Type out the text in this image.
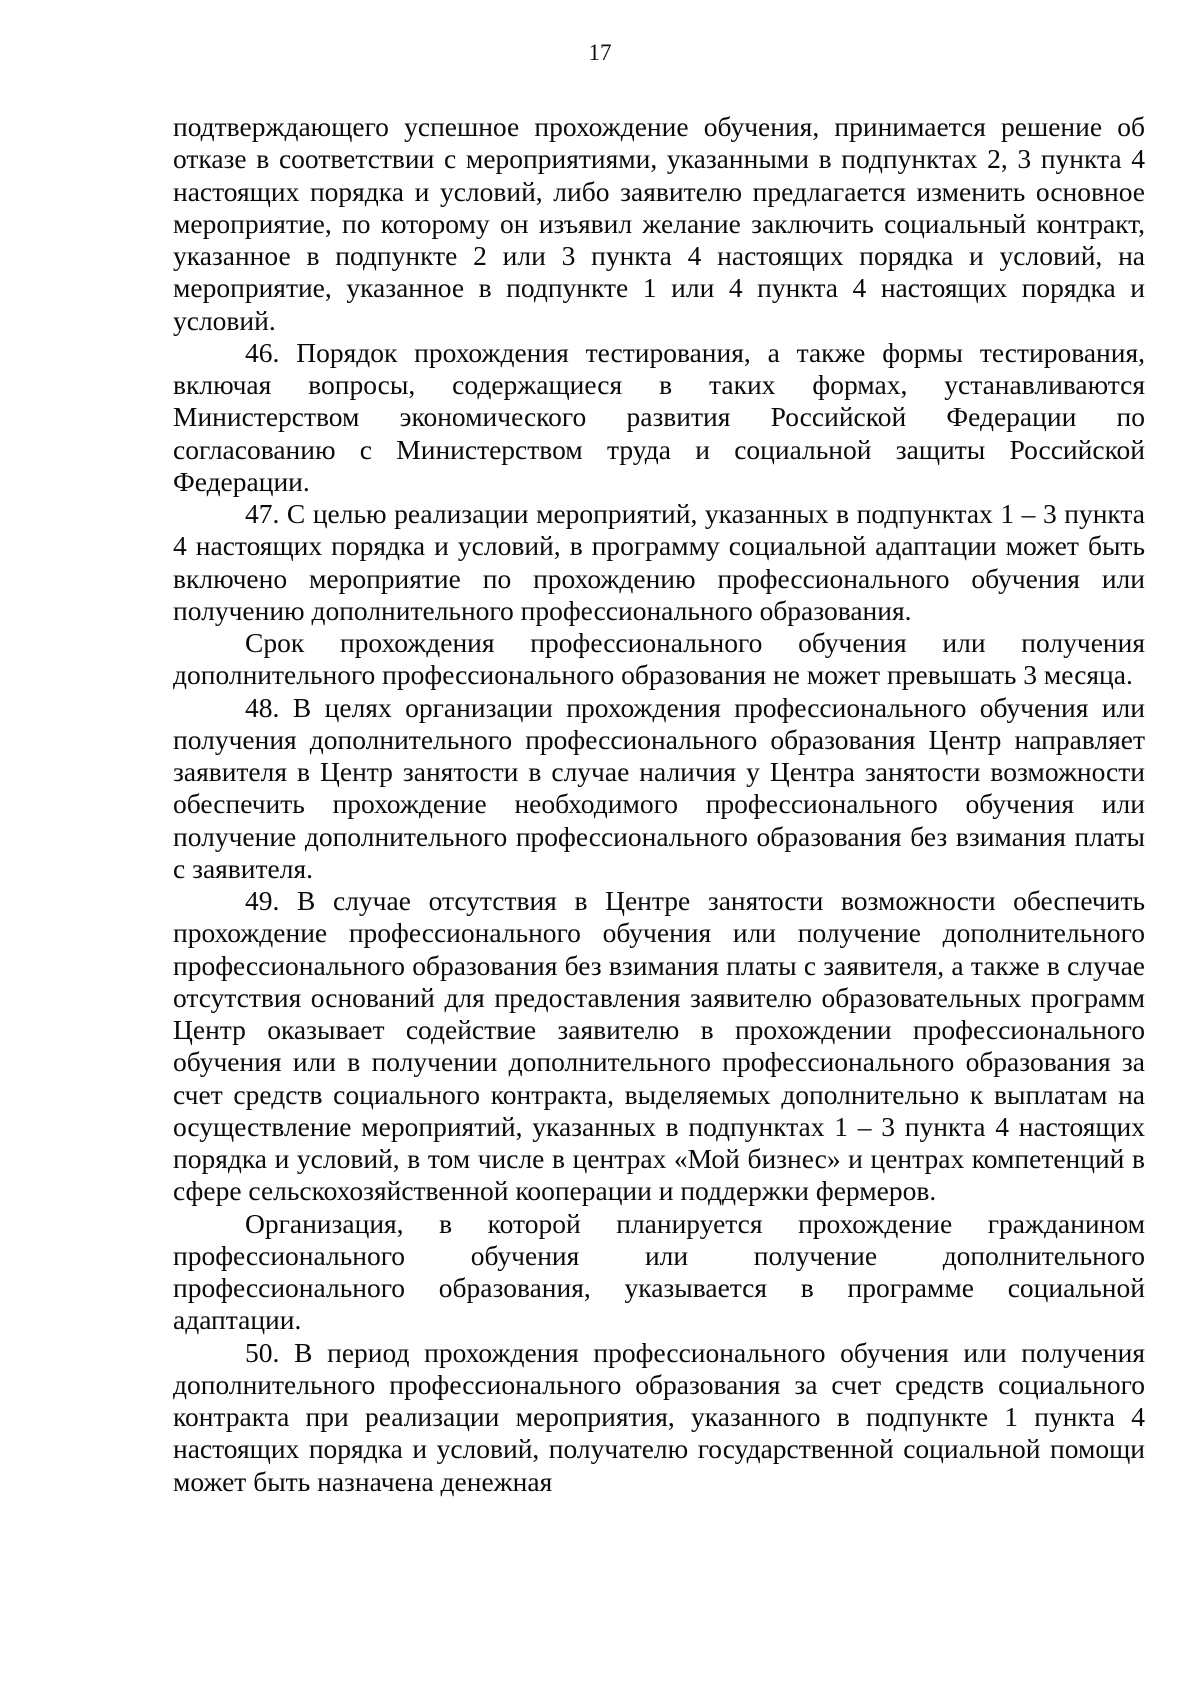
17

подтверждающего успешное прохождение обучения, принимается решение об отказе в соответствии с мероприятиями, указанными в подпунктах 2, 3 пункта 4 настоящих порядка и условий, либо заявителю предлагается изменить основное мероприятие, по которому он изъявил желание заключить социальный контракт, указанное в подпункте 2 или 3 пункта 4 настоящих порядка и условий, на мероприятие, указанное в подпункте 1 или 4 пункта 4 настоящих порядка и условий.

46. Порядок прохождения тестирования, а также формы тестирования, включая вопросы, содержащиеся в таких формах, устанавливаются Министерством экономического развития Российской Федерации по согласованию с Министерством труда и социальной защиты Российской Федерации.

47. С целью реализации мероприятий, указанных в подпунктах 1 – 3 пункта 4 настоящих порядка и условий, в программу социальной адаптации может быть включено мероприятие по прохождению профессионального обучения или получению дополнительного профессионального образования.

Срок прохождения профессионального обучения или получения дополнительного профессионального образования не может превышать 3 месяца.

48. В целях организации прохождения профессионального обучения или получения дополнительного профессионального образования Центр направляет заявителя в Центр занятости в случае наличия у Центра занятости возможности обеспечить прохождение необходимого профессионального обучения или получение дополнительного профессионального образования без взимания платы с заявителя.

49. В случае отсутствия в Центре занятости возможности обеспечить прохождение профессионального обучения или получение дополнительного профессионального образования без взимания платы с заявителя, а также в случае отсутствия оснований для предоставления заявителю образовательных программ Центр оказывает содействие заявителю в прохождении профессионального обучения или в получении дополнительного профессионального образования за счет средств социального контракта, выделяемых дополнительно к выплатам на осуществление мероприятий, указанных в подпунктах 1 – 3 пункта 4 настоящих порядка и условий, в том числе в центрах «Мой бизнес» и центрах компетенций в сфере сельскохозяйственной кооперации и поддержки фермеров.

Организация, в которой планируется прохождение гражданином профессионального обучения или получение дополнительного профессионального образования, указывается в программе социальной адаптации.

50. В период прохождения профессионального обучения или получения дополнительного профессионального образования за счет средств социального контракта при реализации мероприятия, указанного в подпункте 1 пункта 4 настоящих порядка и условий, получателю государственной социальной помощи может быть назначена денежная
